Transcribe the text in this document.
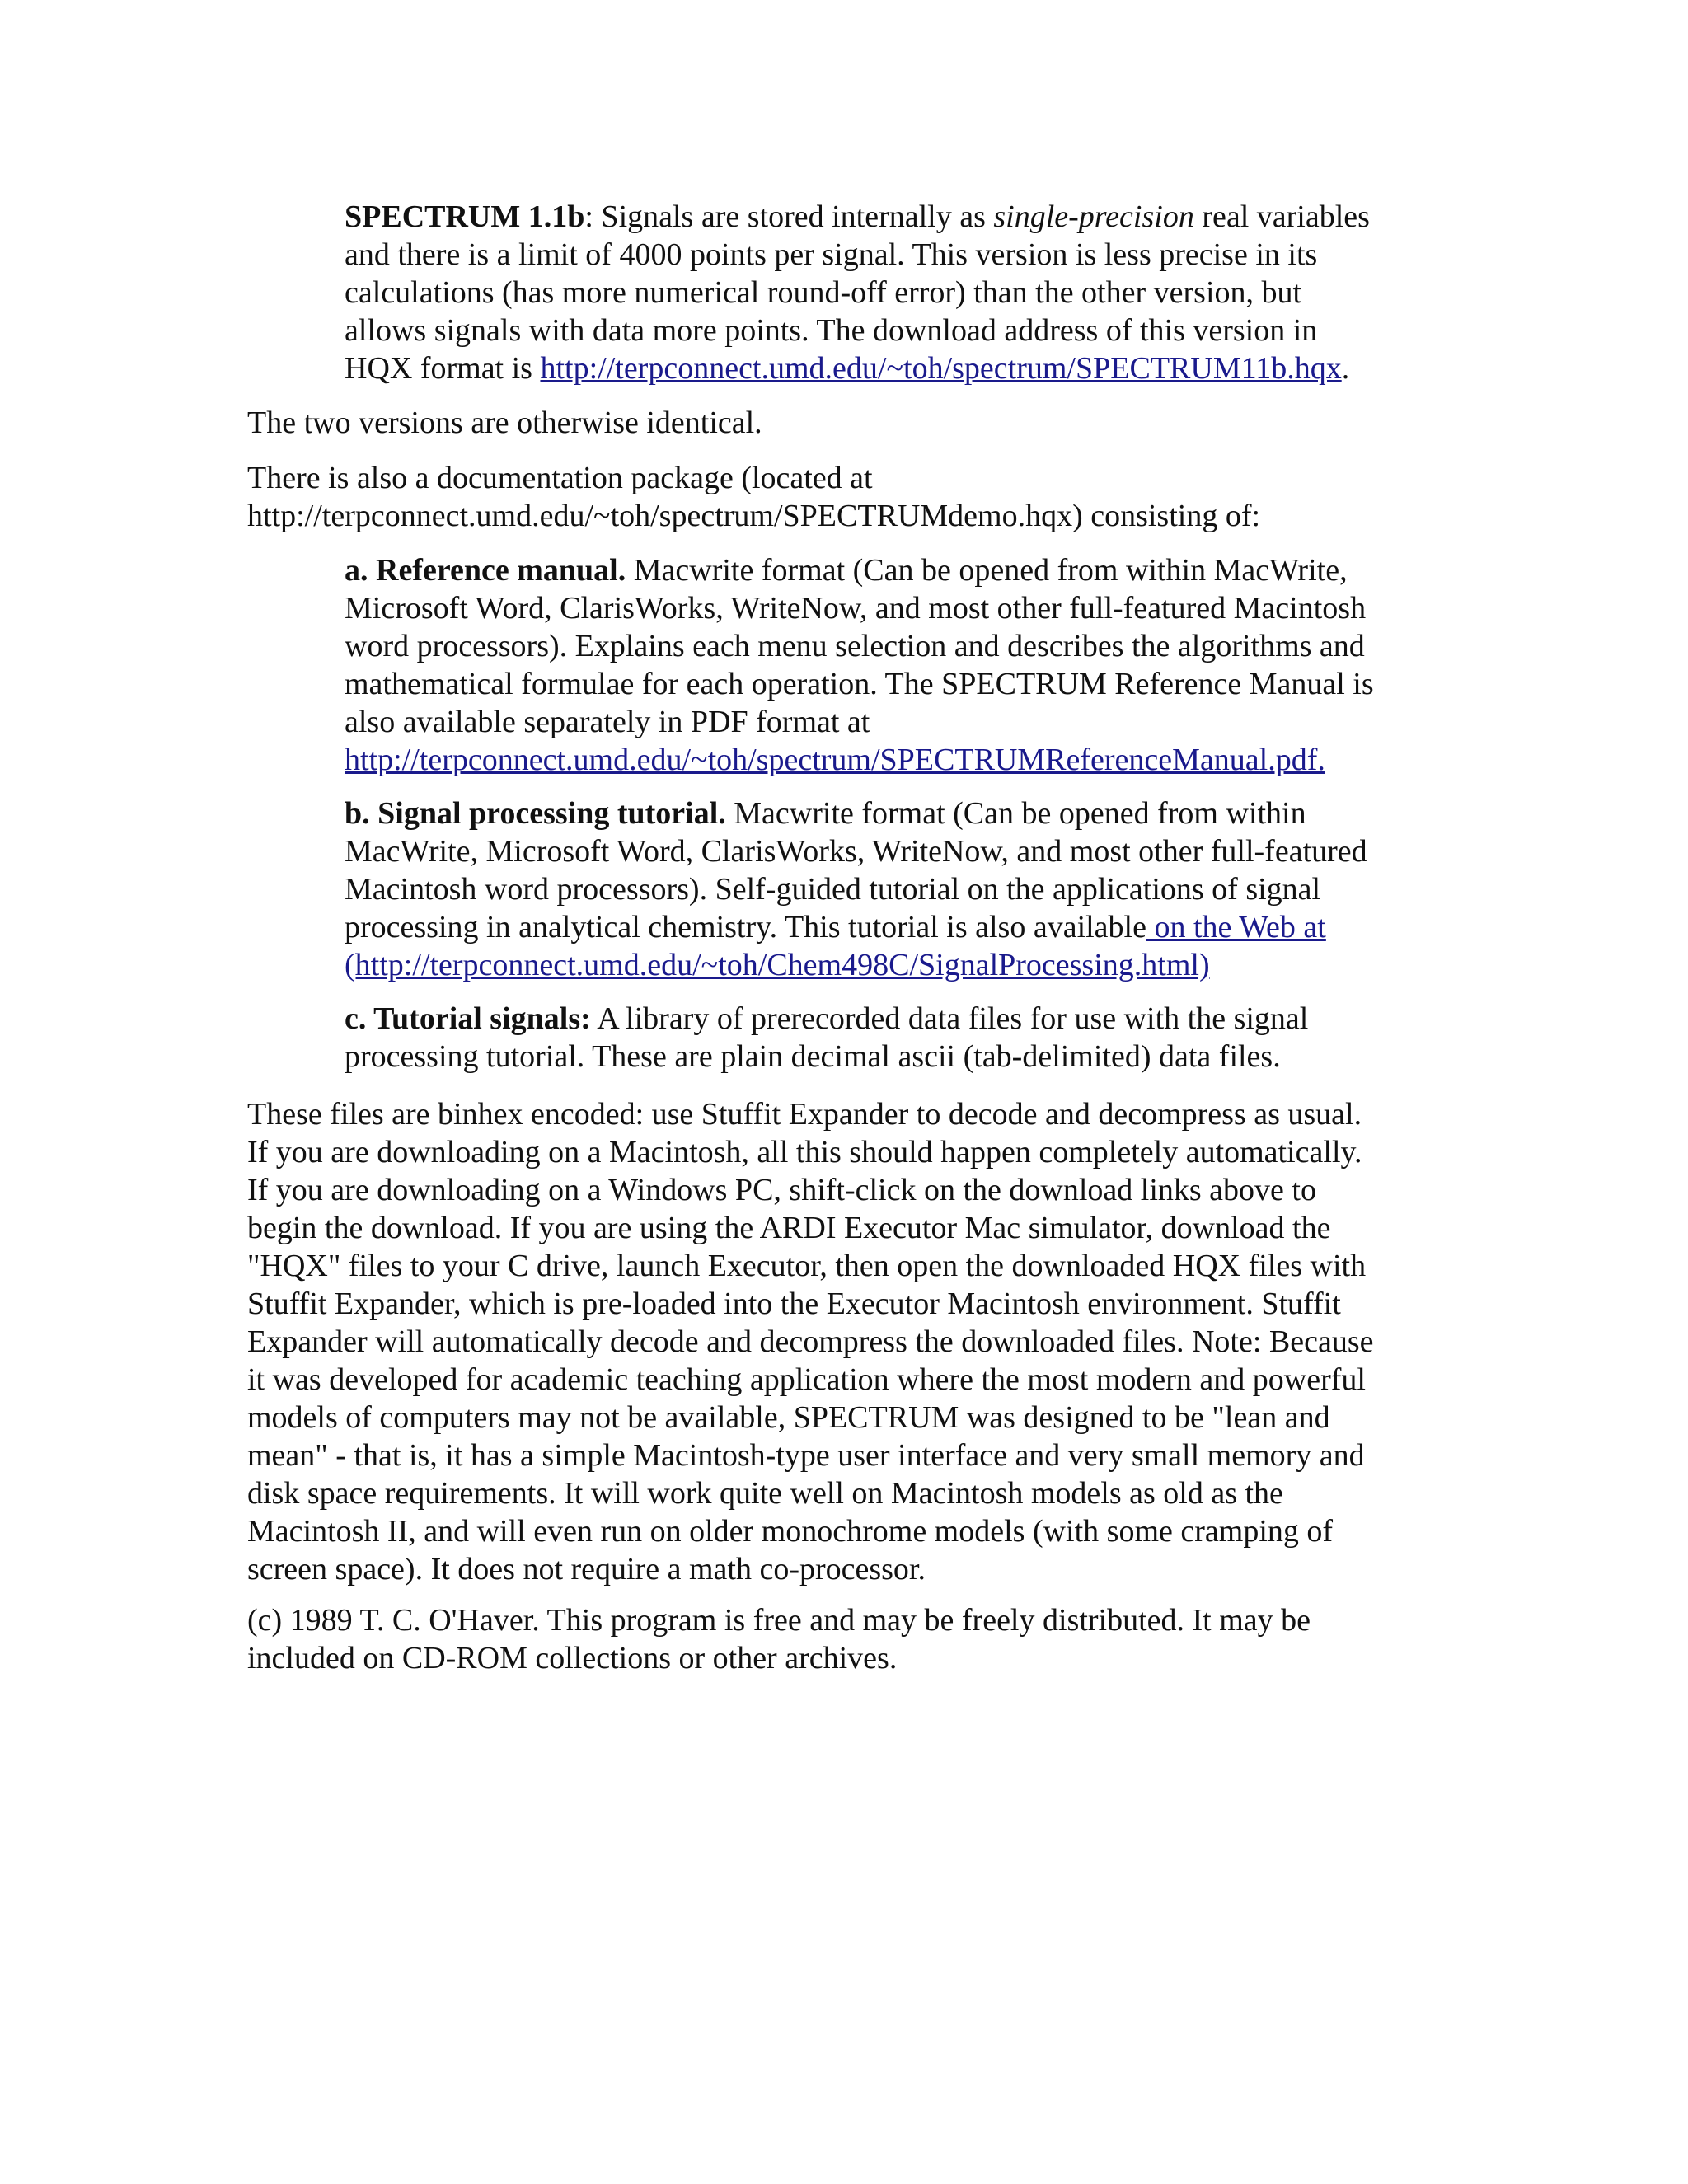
SPECTRUM 1.1b: Signals are stored internally as single-precision real variables
and there is a limit of 4000 points per signal. This version is less precise in its
calculations (has more numerical round-off error) than the other version, but
allows signals with data more points. The download address of this version in
HQX format is http://terpconnect.umd.edu/~toh/spectrum/SPECTRUM11b.hqx.

The two versions are otherwise identical.

There is also a documentation package (located at
http://terpconnect.umd.edu/~toh/spectrum/SPECTRUMdemo.hqx) consisting of:

a. Reference manual. Macwrite format (Can be opened from within MacWrite,
Microsoft Word, ClarisWorks, WriteNow, and most other full-featured Macintosh
word processors). Explains each menu selection and describes the algorithms and
mathematical formulae for each operation. The SPECTRUM Reference Manual is
also available separately in PDF format at
http://terpconnect.umd.edu/~toh/spectrum/SPECTRUMReferenceManual.pdf.

b. Signal processing tutorial. Macwrite format (Can be opened from within
MacWrite, Microsoft Word, ClarisWorks, WriteNow, and most other full-featured
Macintosh word processors). Self-guided tutorial on the applications of signal
processing in analytical chemistry. This tutorial is also available on the Web at
(http://terpconnect.umd.edu/~toh/Chem498C/SignalProcessing.html)

c. Tutorial signals: A library of prerecorded data files for use with the signal
processing tutorial. These are plain decimal ascii (tab-delimited) data files.

These files are binhex encoded: use Stuffit Expander to decode and decompress as usual.
If you are downloading on a Macintosh, all this should happen completely automatically.
If you are downloading on a Windows PC, shift-click on the download links above to
begin the download. If you are using the ARDI Executor Mac simulator, download the
"HQX" files to your C drive, launch Executor, then open the downloaded HQX files with
Stuffit Expander, which is pre-loaded into the Executor Macintosh environment. Stuffit
Expander will automatically decode and decompress the downloaded files. Note: Because
it was developed for academic teaching application where the most modern and powerful
models of computers may not be available, SPECTRUM was designed to be "lean and
mean" - that is, it has a simple Macintosh-type user interface and very small memory and
disk space requirements. It will work quite well on Macintosh models as old as the
Macintosh II, and will even run on older monochrome models (with some cramping of
screen space). It does not require a math co-processor.

(c) 1989 T. C. O'Haver. This program is free and may be freely distributed. It may be
included on CD-ROM collections or other archives.
